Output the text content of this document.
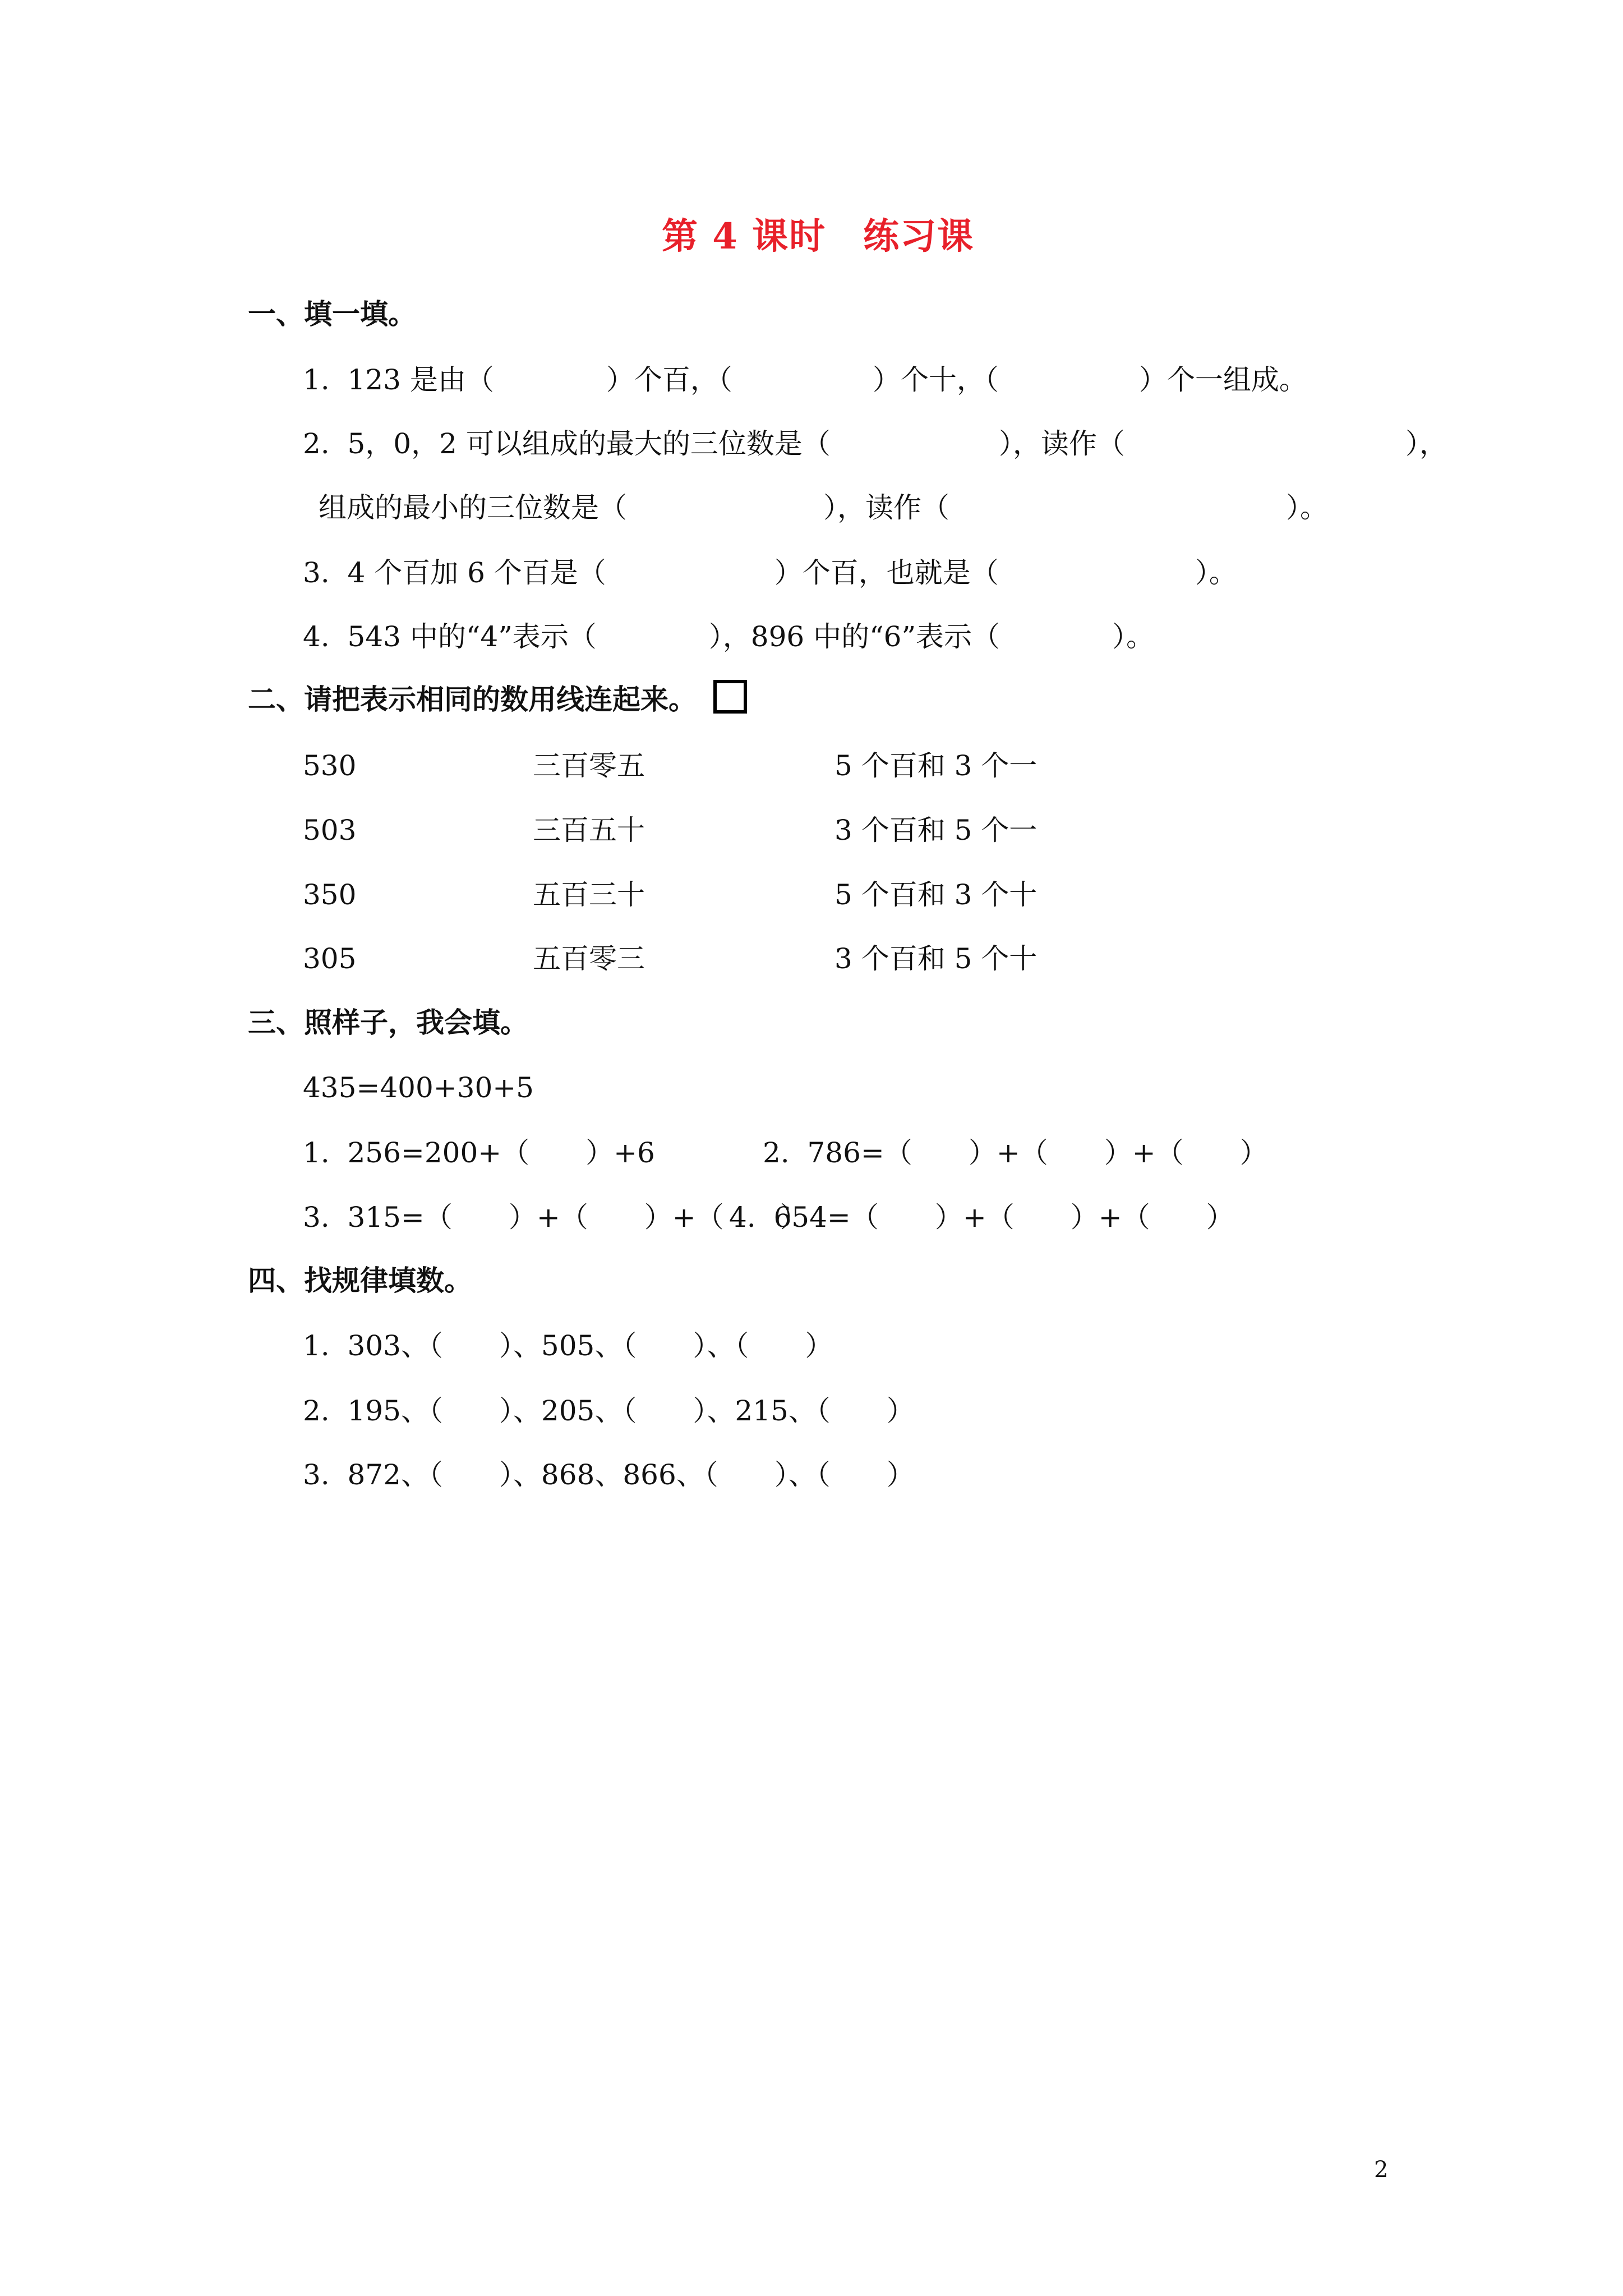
第 4 课时　练习课
一、填一填。
1.  123 是由（　　　　）个百，（　　　　　）个十，（　　　　　）个一组成。
2.  5，0，2 可以组成的最大的三位数是（　　　　　　），读作（　　　　　　　　　　），
组成的最小的三位数是（　　　　　　　），读作（　　　　　　　　　　　　）。
3.  4 个百加 6 个百是（　　　　　　）个百，也就是（　　　　　　　）。
4.  543 中的“4”表示（　　　　），896 中的“6”表示（　　　　）。
二、请把表示相同的数用线连起来。
530	三百零五	5 个百和 3 个一
503	三百五十	3 个百和 5 个一
350	五百三十	5 个百和 3 个十
305	五百零三	3 个百和 5 个十
三、照样子，我会填。
435=400+30+5
1.  256=200+（　　）+6	2.  786=（　　）+（　　）+（　　）
3.  315=（　　）+（　　）+（　　）
4.  654=（　　）+（　　）+（　　）
四、找规律填数。
1.  303、（　　）、505、（　　）、（　　）
2.  195、（　　）、205、（　　）、215、（　　）
3.  872、（　　）、868、866、（　　）、（　　）
2
